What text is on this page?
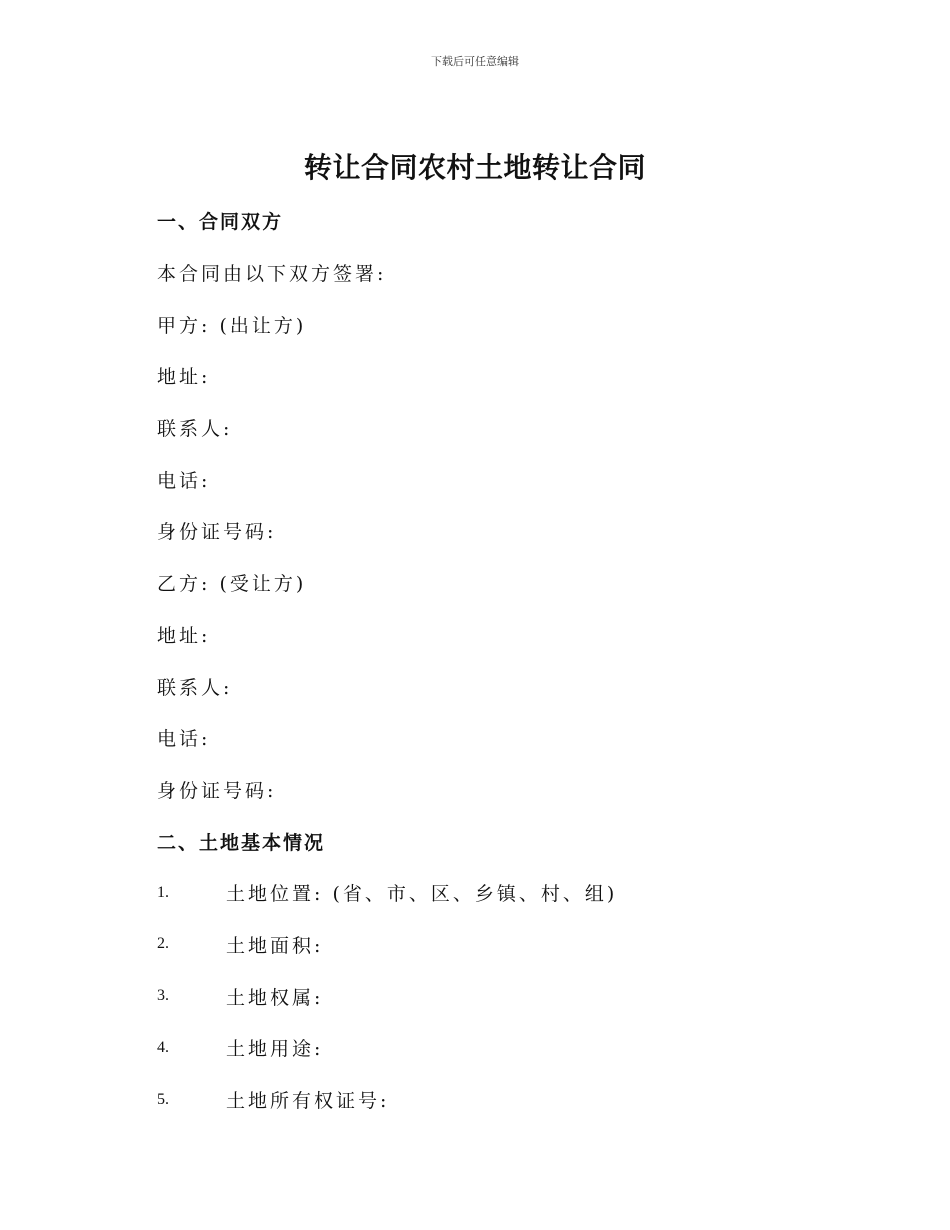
下载后可任意编辑
转让合同农村土地转让合同
一、合同双方
本合同由以下双方签署:
甲方: (出让方)
地址:
联系人:
电话:
身份证号码:
乙方: (受让方)
地址:
联系人:
电话:
身份证号码:
二、土地基本情况
1.	土地位置: (省、市、区、乡镇、村、组)
2.	土地面积:
3.	土地权属:
4.	土地用途:
5.	土地所有权证号:
